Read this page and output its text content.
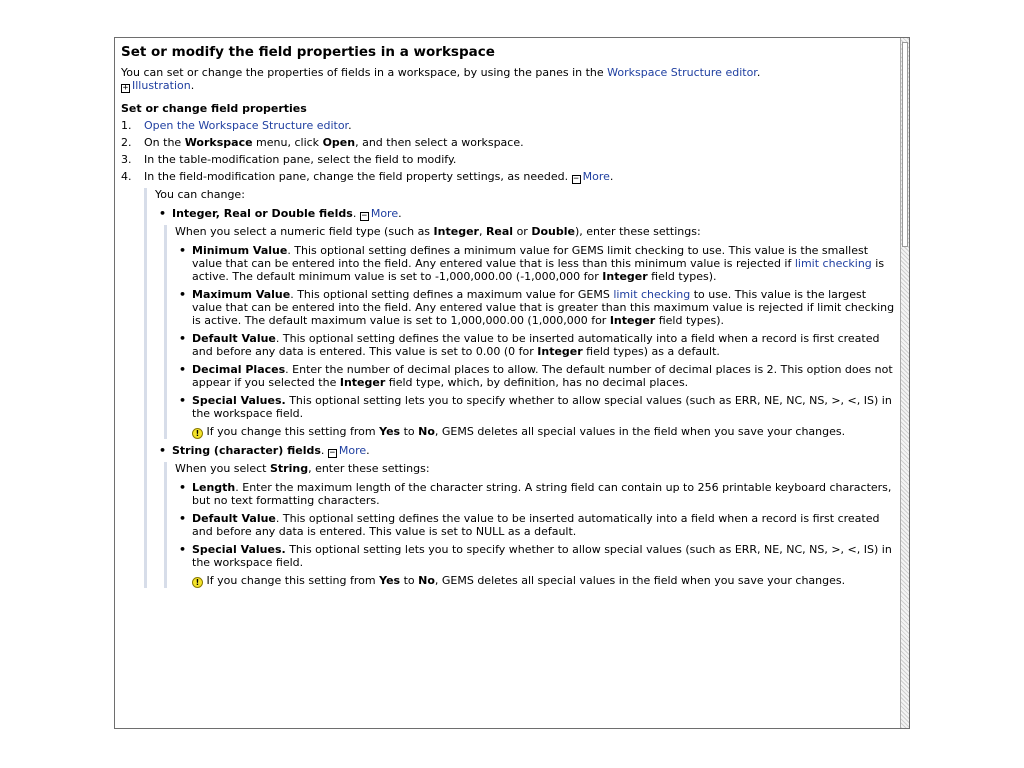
Set or modify the field properties in a workspace

You can set or change the properties of fields in a workspace, by using the panes in the Workspace Structure editor.

+ Illustration.

Set or change field properties
1. Open the Workspace Structure editor.
2. On the Workspace menu, click Open, and then select a workspace.
3. In the table-modification pane, select the field to modify.
4. In the field-modification pane, change the field property settings, as needed. − More.

You can change:

• Integer, Real or Double fields. − More.

When you select a numeric field type (such as Integer, Real or Double), enter these settings:

• Minimum Value. This optional setting defines a minimum value for GEMS limit checking to use. This value is the smallest value that can be entered into the field. Any entered value that is less than this minimum value is rejected if limit checking is active. The default minimum value is set to -1,000,000.00 (-1,000,000 for Integer field types).
• Maximum Value. This optional setting defines a maximum value for GEMS limit checking to use. This value is the largest value that can be entered into the field. Any entered value that is greater than this maximum value is rejected if limit checking is active. The default maximum value is set to 1,000,000.00 (1,000,000 for Integer field types).
• Default Value. This optional setting defines the value to be inserted automatically into a field when a record is first created and before any data is entered. This value is set to 0.00 (0 for Integer field types) as a default.
• Decimal Places. Enter the number of decimal places to allow. The default number of decimal places is 2. This option does not appear if you selected the Integer field type, which, by definition, has no decimal places.
• Special Values. This optional setting lets you to specify whether to allow special values (such as ERR, NE, NC, NS, >, <, IS) in the workspace field.

! If you change this setting from Yes to No, GEMS deletes all special values in the field when you save your changes.

• String (character) fields. − More.

When you select String, enter these settings:

• Length. Enter the maximum length of the character string. A string field can contain up to 256 printable keyboard characters, but no text formatting characters.
• Default Value. This optional setting defines the value to be inserted automatically into a field when a record is first created and before any data is entered. This value is set to NULL as a default.
• Special Values. This optional setting lets you to specify whether to allow special values (such as ERR, NE, NC, NS, >, <, IS) in the workspace field.

! If you change this setting from Yes to No, GEMS deletes all special values in the field when you save your changes.
